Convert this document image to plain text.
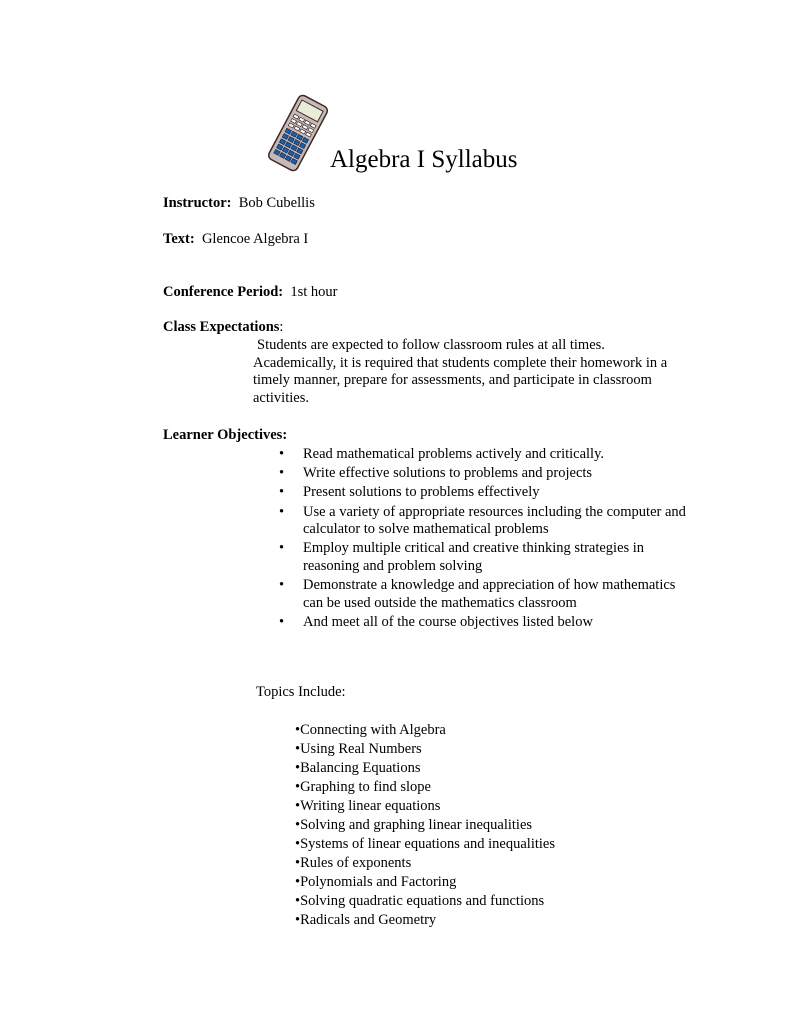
Algebra I Syllabus
Instructor: Bob Cubellis
Text: Glencoe Algebra I
Conference Period: 1st hour
Class Expectations:
Students are expected to follow classroom rules at all times.
Academically, it is required that students complete their homework in a timely manner, prepare for assessments, and participate in classroom activities.
Learner Objectives:
• Read mathematical problems actively and critically.
• Write effective solutions to problems and projects
• Present solutions to problems effectively
• Use a variety of appropriate resources including the computer and calculator to solve mathematical problems
• Employ multiple critical and creative thinking strategies in reasoning and problem solving
• Demonstrate a knowledge and appreciation of how mathematics can be used outside the mathematics classroom
• And meet all of the course objectives listed below
Topics Include:
•Connecting with Algebra
•Using Real Numbers
•Balancing Equations
•Graphing to find slope
•Writing linear equations
•Solving and graphing linear inequalities
•Systems of linear equations and inequalities
•Rules of exponents
•Polynomials and Factoring
•Solving quadratic equations and functions
•Radicals and Geometry
